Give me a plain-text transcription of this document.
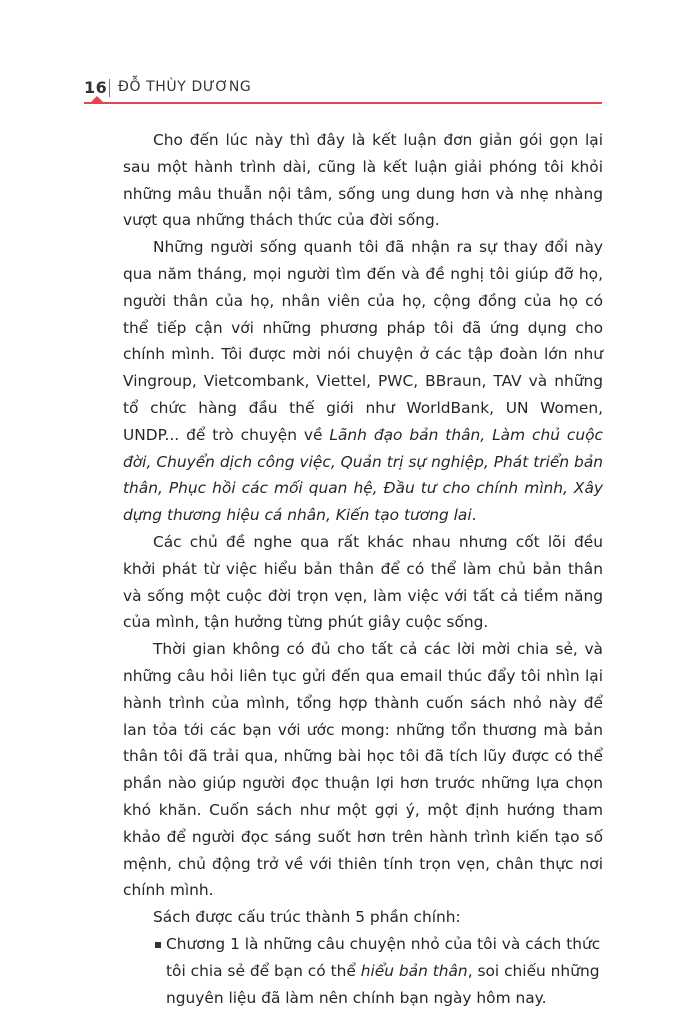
16 ĐỖ THÙY DƯƠNG

Cho đến lúc này thì đây là kết luận đơn giản gói gọn lại sau một hành trình dài, cũng là kết luận giải phóng tôi khỏi những mâu thuẫn nội tâm, sống ung dung hơn và nhẹ nhàng vượt qua những thách thức của đời sống.

Những người sống quanh tôi đã nhận ra sự thay đổi này qua năm tháng, mọi người tìm đến và đề nghị tôi giúp đỡ họ, người thân của họ, nhân viên của họ, cộng đồng của họ có thể tiếp cận với những phương pháp tôi đã ứng dụng cho chính mình. Tôi được mời nói chuyện ở các tập đoàn lớn như Vingroup, Vietcombank, Viettel, PWC, BBraun, TAV và những tổ chức hàng đầu thế giới như WorldBank, UN Women, UNDP... để trò chuyện về Lãnh đạo bản thân, Làm chủ cuộc đời, Chuyển dịch công việc, Quản trị sự nghiệp, Phát triển bản thân, Phục hồi các mối quan hệ, Đầu tư cho chính mình, Xây dựng thương hiệu cá nhân, Kiến tạo tương lai.

Các chủ đề nghe qua rất khác nhau nhưng cốt lõi đều khởi phát từ việc hiểu bản thân để có thể làm chủ bản thân và sống một cuộc đời trọn vẹn, làm việc với tất cả tiềm năng của mình, tận hưởng từng phút giây cuộc sống.

Thời gian không có đủ cho tất cả các lời mời chia sẻ, và những câu hỏi liên tục gửi đến qua email thúc đẩy tôi nhìn lại hành trình của mình, tổng hợp thành cuốn sách nhỏ này để lan tỏa tới các bạn với ước mong: những tổn thương mà bản thân tôi đã trải qua, những bài học tôi đã tích lũy được có thể phần nào giúp người đọc thuận lợi hơn trước những lựa chọn khó khăn. Cuốn sách như một gợi ý, một định hướng tham khảo để người đọc sáng suốt hơn trên hành trình kiến tạo số mệnh, chủ động trở về với thiên tính trọn vẹn, chân thực nơi chính mình.

Sách được cấu trúc thành 5 phần chính:

Chương 1 là những câu chuyện nhỏ của tôi và cách thức tôi chia sẻ để bạn có thể hiểu bản thân, soi chiếu những nguyên liệu đã làm nên chính bạn ngày hôm nay.
